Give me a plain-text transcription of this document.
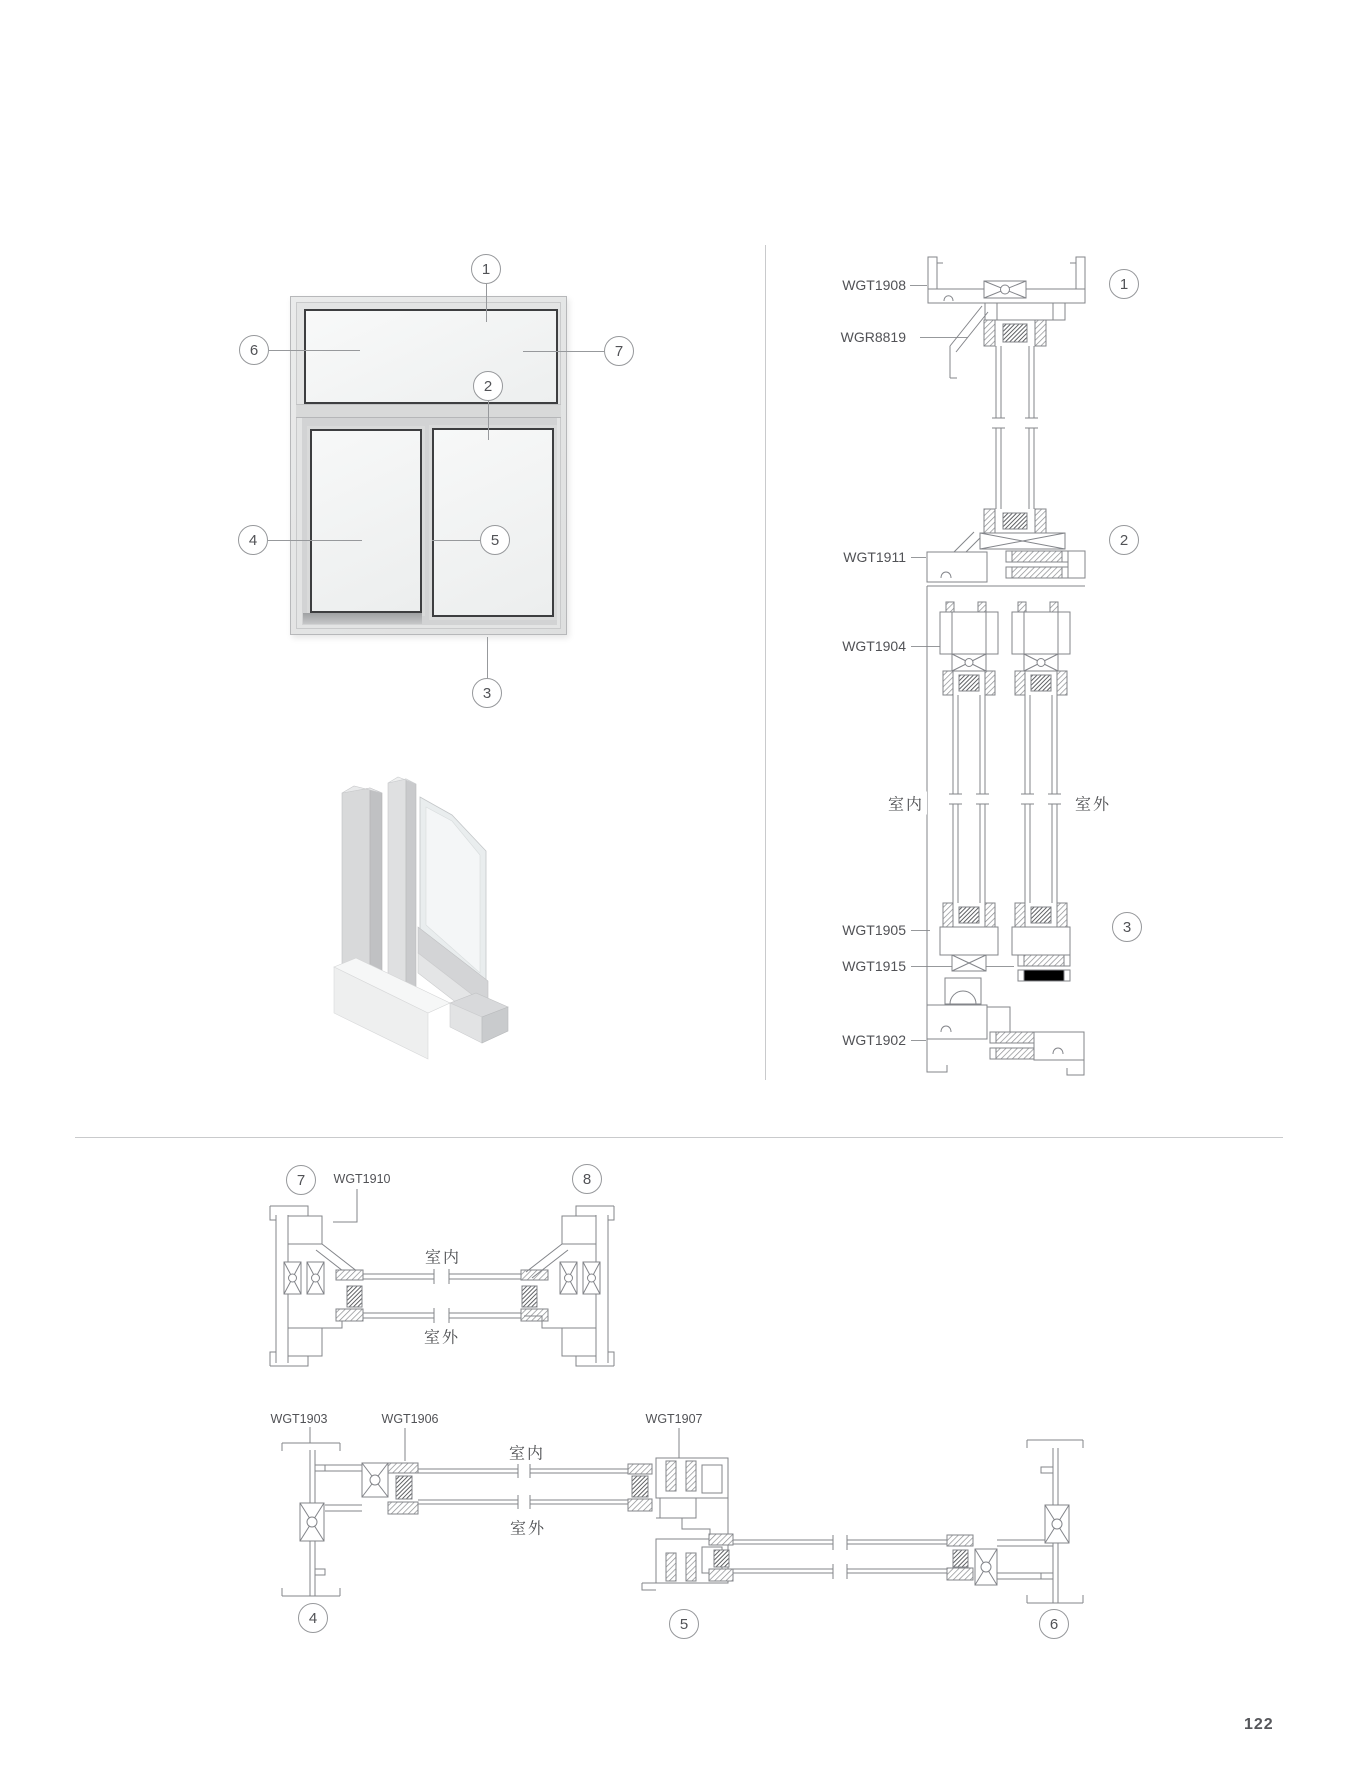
1
6	7
2
4	5
3
WGT1908
WGR8819
WGT1911
WGT1904
WGT1905
WGT1915
WGT1902
室内	室外
1
2
3
7	8
WGT1910
室内
室外
WGT1903	WGT1906	WGT1907
室内
室外
4	5	6
122
